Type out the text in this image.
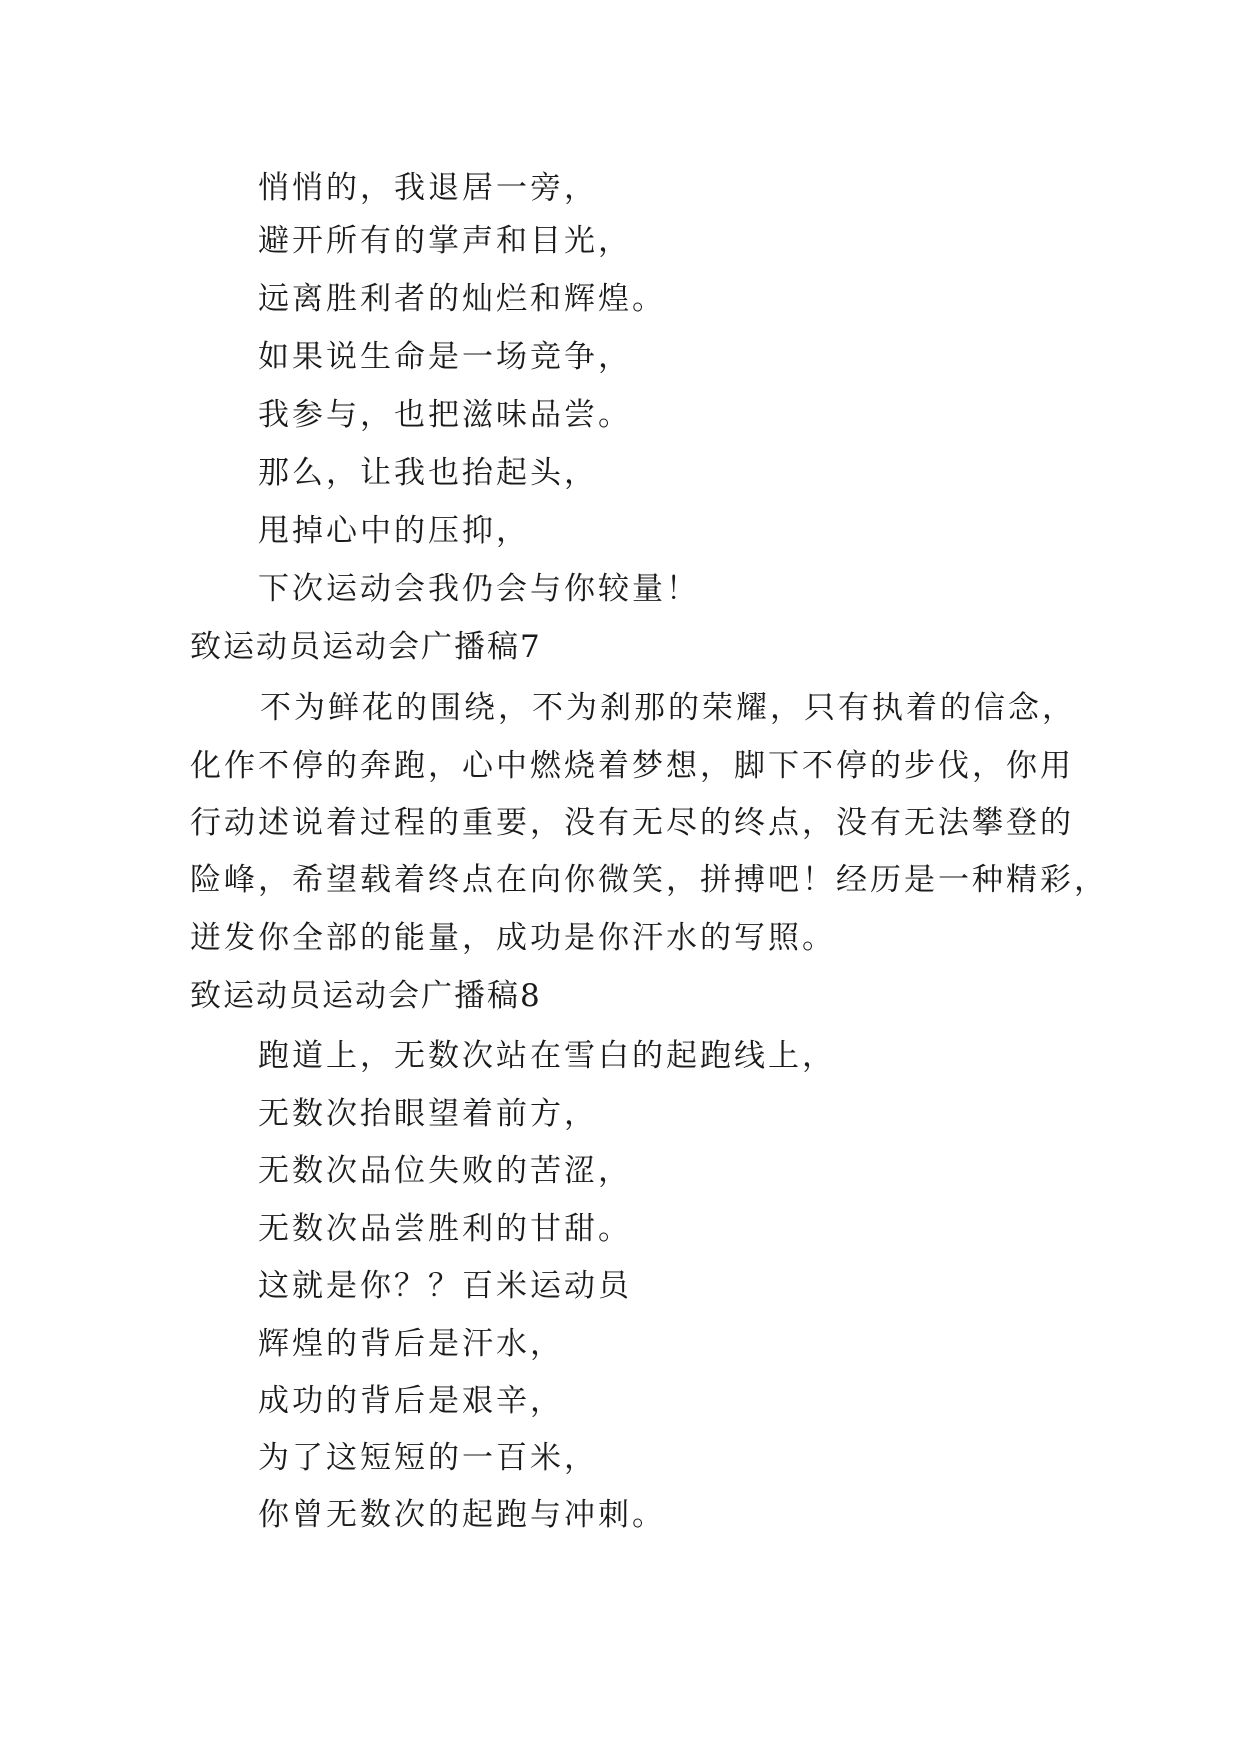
悄悄的，我退居一旁，
避开所有的掌声和目光，
远离胜利者的灿烂和辉煌。
如果说生命是一场竞争，
我参与，也把滋味品尝。
那么，让我也抬起头，
甩掉心中的压抑，
下次运动会我仍会与你较量！
致运动员运动会广播稿7
不为鲜花的围绕，不为刹那的荣耀，只有执着的信念，
化作不停的奔跑，心中燃烧着梦想，脚下不停的步伐，你用
行动述说着过程的重要，没有无尽的终点，没有无法攀登的
险峰，希望载着终点在向你微笑，拼搏吧！经历是一种精彩，
迸发你全部的能量，成功是你汗水的写照。
致运动员运动会广播稿8
跑道上，无数次站在雪白的起跑线上，
无数次抬眼望着前方，
无数次品位失败的苦涩，
无数次品尝胜利的甘甜。
这就是你？？百米运动员
辉煌的背后是汗水，
成功的背后是艰辛，
为了这短短的一百米，
你曾无数次的起跑与冲刺。
